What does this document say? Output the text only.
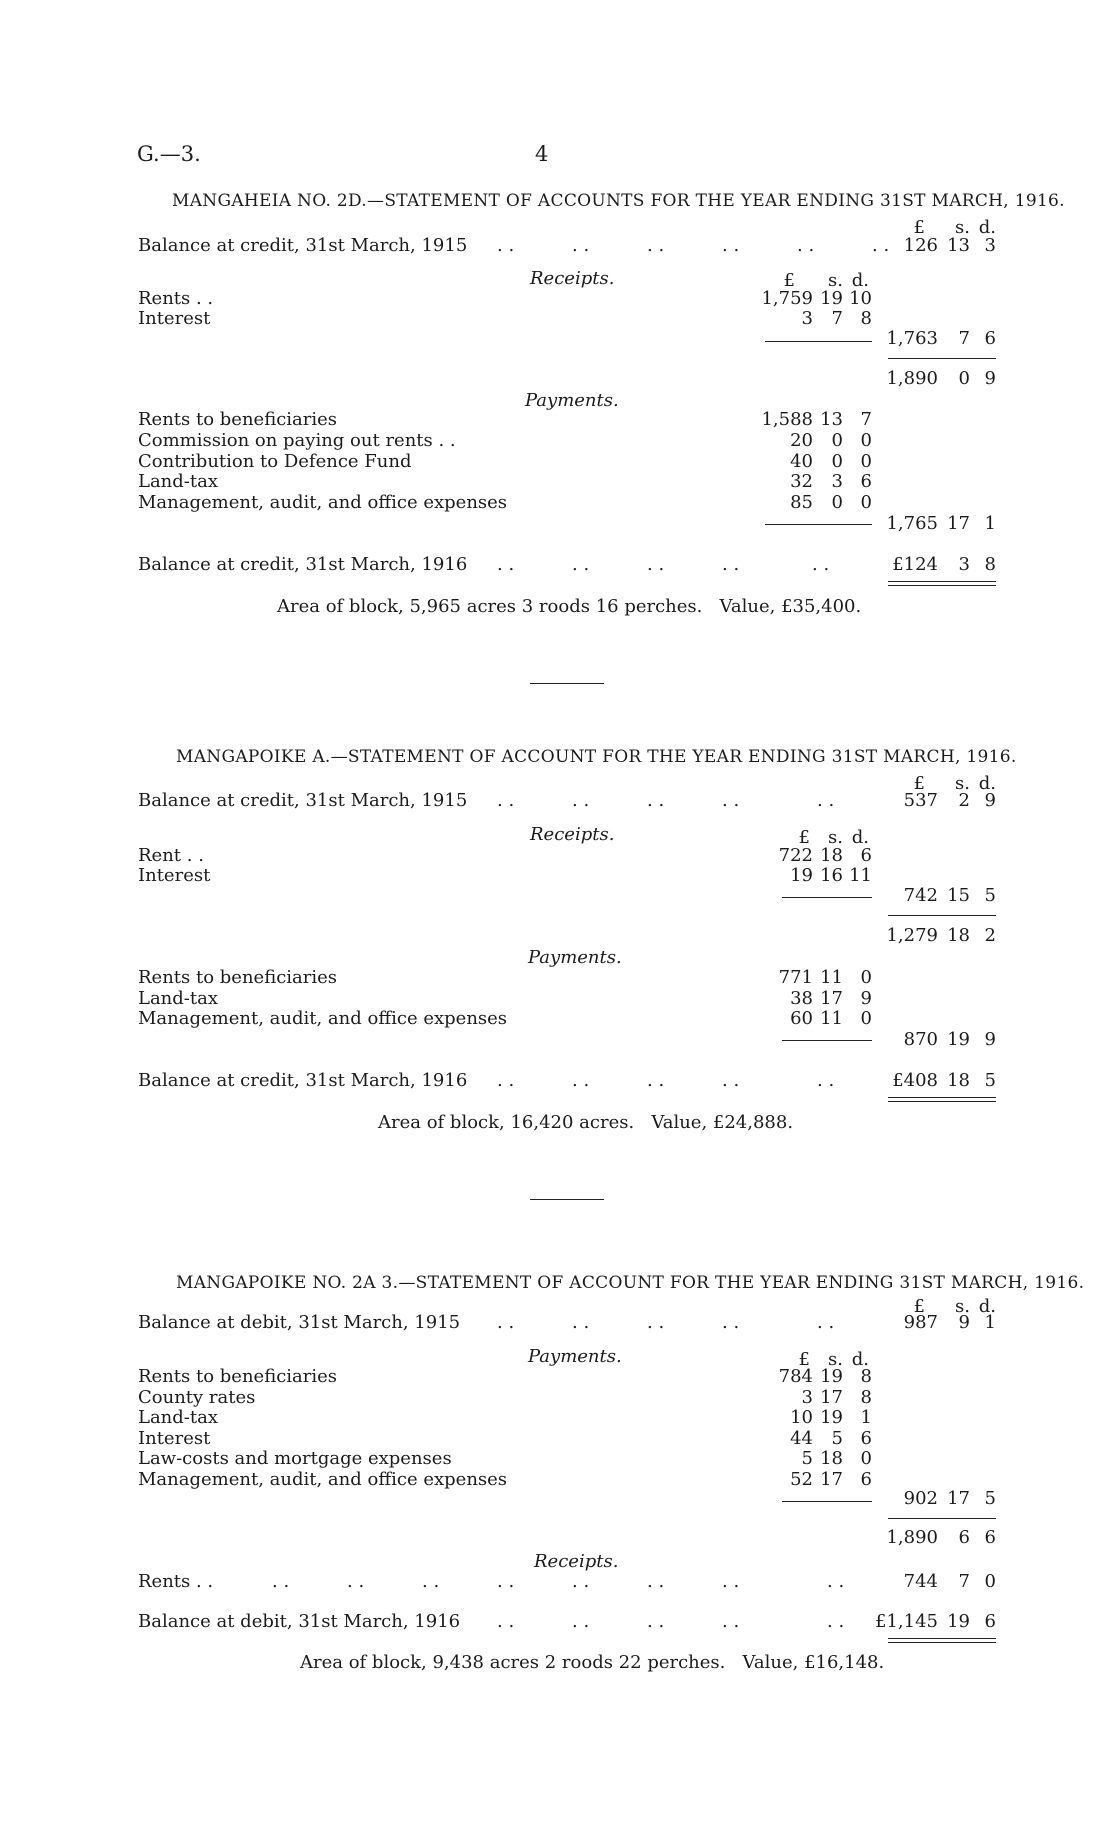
G.—3.	4
MANGAHEIA NO. 2D.—STATEMENT OF ACCOUNTS FOR THE YEAR ENDING 31ST MARCH, 1916.
£	s. d.
Balance at credit, 31st March, 1915 . .	. .	. .	. .	. .	. . 126 13 3
Receipts.	£	s. d.
Rents . .	1,759 19 10
Interest	3	7 8
1,763	7 6
1,890	0 9
Payments.
Rents to beneficiaries	1,588 13 7
Commission on paying out rents . .	20	0 0
Contribution to Defence Fund	40	0 0
Land-tax	32	3 6
Management, audit, and office expenses	85	0 0
1,765 17 1
Balance at credit, 31st March, 1916 . .	. .	. .	. .	. .	£124	3 8
Area of block, 5,965 acres 3 roods 16 perches.   Value, £35,400.
MANGAPOIKE A.—STATEMENT OF ACCOUNT FOR THE YEAR ENDING 31ST MARCH, 1916.
£	s. d.
Balance at credit, 31st March, 1915 . .	. .	. .	. .	. .	537	2 9
Receipts.	£	s. d.
Rent . .	722 18 6
Interest	19 16 11
742 15 5
1,279 18 2
Payments.
Rents to beneficiaries	771 11 0
Land-tax	38 17 9
Management, audit, and office expenses	60 11 0
870 19 9
Balance at credit, 31st March, 1916 . .	. .	. .	. .	. .	£408 18 5
Area of block, 16,420 acres.   Value, £24,888.
MANGAPOIKE NO. 2A 3.—STATEMENT OF ACCOUNT FOR THE YEAR ENDING 31ST MARCH, 1916.
£	s. d.
Balance at debit, 31st March, 1915 . .	. .	. .	. .	. .	987	9 1
Payments.	£	s. d.
Rents to beneficiaries	784 19 8
County rates	3 17 8
Land-tax	10 19 1
Interest	44	5 6
Law-costs and mortgage expenses	5 18 0
Management, audit, and office expenses	52 17 6
902 17 5
1,890	6 6
Receipts.
Rents . .	. .	. .	. .	. .	. .	. .	. .	. .	744	7 0
Balance at debit, 31st March, 1916 . .	. .	. .	. .	. .	£1,145 19 6
Area of block, 9,438 acres 2 roods 22 perches.   Value, £16,148.
